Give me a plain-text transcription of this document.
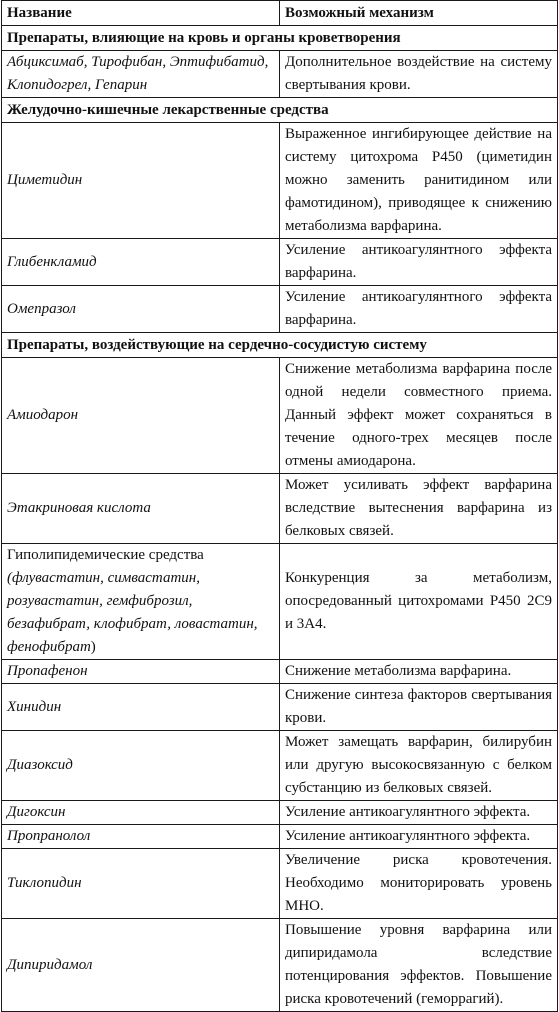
Название	Возможный механизм
Препараты, влияющие на кровь и органы кроветворения	
Абциксимаб, Тирофибан, Эптифибатид, Клопидогрел, Гепарин	Дополнительное воздействие на систему свертывания крови.
Желудочно-кишечные лекарственные средства	
Циметидин	Выраженное ингибирующее действие на систему цитохрома Р450 (циметидин можно заменить ранитидином или фамотидином), приводящее к снижению метаболизма варфарина.
Глибенкламид	Усиление антикоагулянтного эффекта варфарина.
Омепразол	Усиление антикоагулянтного эффекта варфарина.
Препараты, воздействующие на сердечно-сосудистую систему	
Амиодарон	Снижение метаболизма варфарина после одной недели совместного приема. Данный эффект может сохраняться в течение одного-трех месяцев после отмены амиодарона.
Этакриновая кислота	Может усиливать эффект варфарина вследствие вытеснения варфарина из белковых связей.
Гиполипидемические средства (флувастатин, симвастатин, розувастатин, гемфиброзил, безафибрат, клофибрат, ловастатин, фенофибрат)	Конкуренция за метаболизм, опосредованный цитохромами Р450 2С9 и 3А4.
Пропафенон	Снижение метаболизма варфарина.
Хинидин	Снижение синтеза факторов свертывания крови.
Диазоксид	Может замещать варфарин, билирубин или другую высокосвязанную с белком субстанцию из белковых связей.
Дигоксин	Усиление антикоагулянтного эффекта.
Пропранолол	Усиление антикоагулянтного эффекта.
Тиклопидин	Увеличение риска кровотечения. Необходимо мониторировать уровень МНО.
Дипиридамол	Повышение уровня варфарина или дипиридамола вследствие потенцирования эффектов. Повышение риска кровотечений (геморрагий).
